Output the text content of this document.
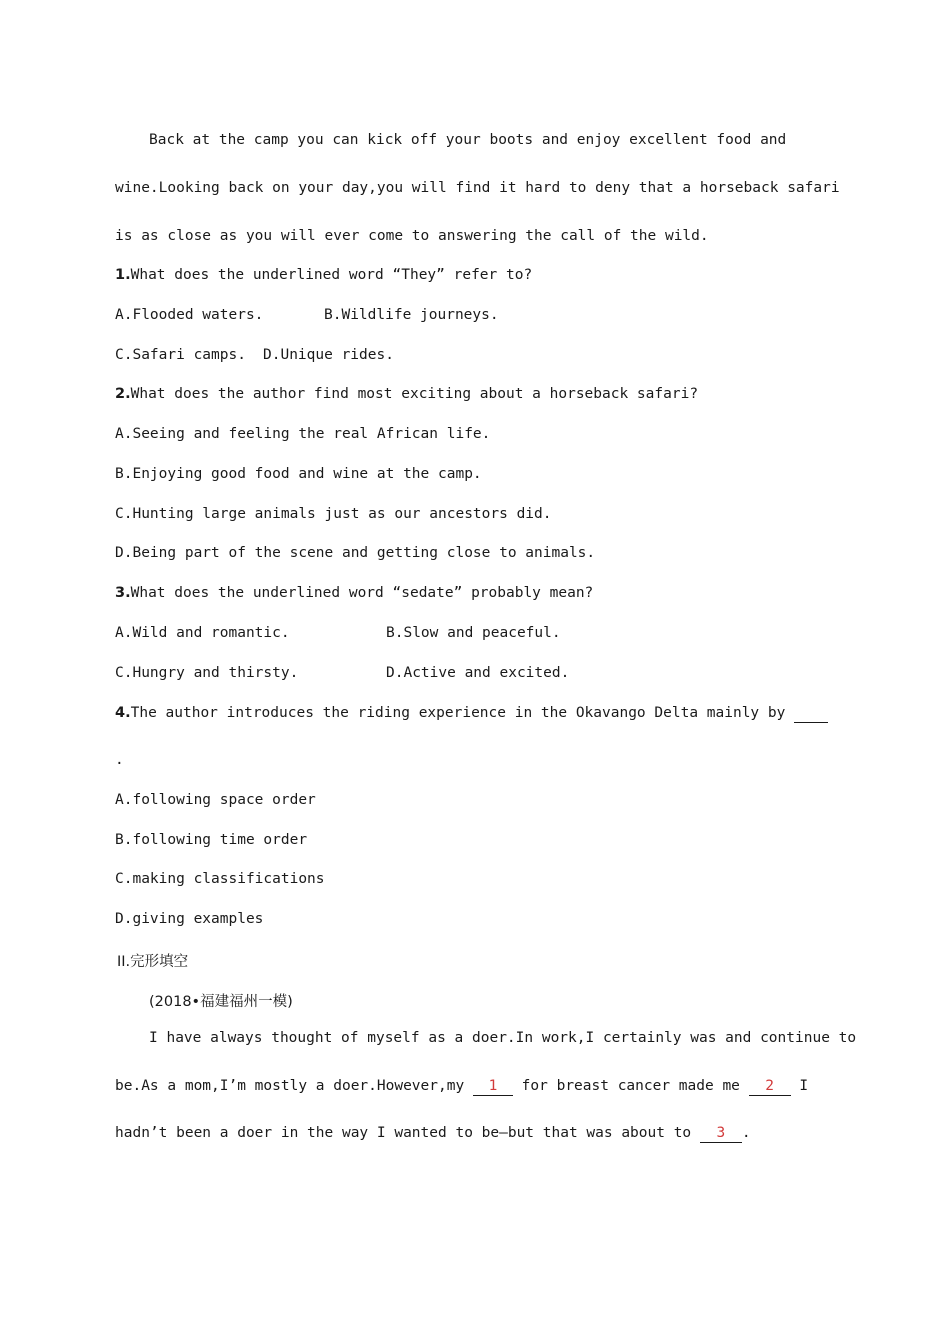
Back at the camp you can kick off your boots and enjoy excellent food and
wine.Looking back on your day,you will find it hard to deny that a horseback safari
is as close as you will ever come to answering the call of the wild.
1.What does the underlined word “They” refer to?
A.Flooded waters.	B.Wildlife journeys.
C.Safari camps. D.Unique rides.
2.What does the author find most exciting about a horseback safari?
A.Seeing and feeling the real African life.
B.Enjoying good food and wine at the camp.
C.Hunting large animals just as our ancestors did.
D.Being part of the scene and getting close to animals.
3.What does the underlined word “sedate” probably mean?
A.Wild and romantic.	B.Slow and peaceful.
C.Hungry and thirsty.	D.Active and excited.
4.The author introduces the riding experience in the Okavango Delta mainly by
.
A.following space order
B.following time order
C.making classifications
D.giving examples
II.完形填空
(2018•福建福州一模)
I have always thought of myself as a doer.In work,I certainly was and continue to
be.As a mom,I’m mostly a doer.However,my 1 for breast cancer made me 2 I
hadn’t been a doer in the way I wanted to be—but that was about to 3 .
